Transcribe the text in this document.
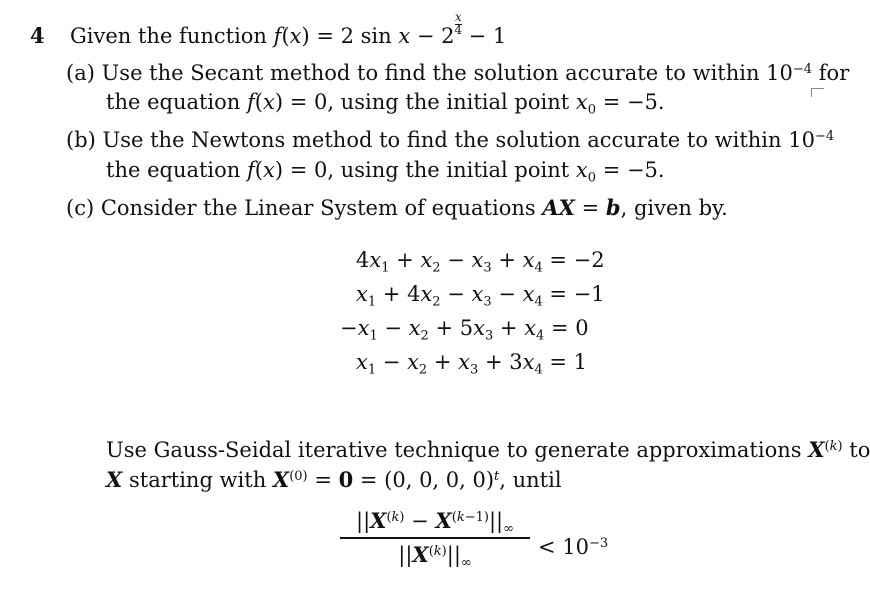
4 Given the function f(x) = 2 $\sin x - 2^{\frac{x}{4}} - 1$
(a) Use the Secant method to find the solution accurate to within $10^{-4}$ for
the equation f(x) = 0, using the initial point $x_0 = -5$.
(b) Use the Newtons method to find the solution accurate to within $10^{-4}$
the equation f(x) = 0, using the initial point $x_0 = -5$.
(c) Consider the Linear System of equations AX = b, given by.
$4x_1 + x_2 - x_3 + x_4 = -2$
$x_1 + 4x_2 - x_3 - x_4 = -1$
$-x_1 - x_2 + 5x_3 + x_4 = 0$
$x_1 - x_2 + x_3 + 3x_4 = 1$
Use Gauss-Seidal iterative technique to generate approximations $X^{(k)}$ to
X starting with $X^{(0)} = 0 = (0$, 0, 0, 0)$^t$, until
$||X^{(k)} - X^{(k-1)}||_\infty$
$||X^{(k)}||_\infty$
< $10^{-3}$
